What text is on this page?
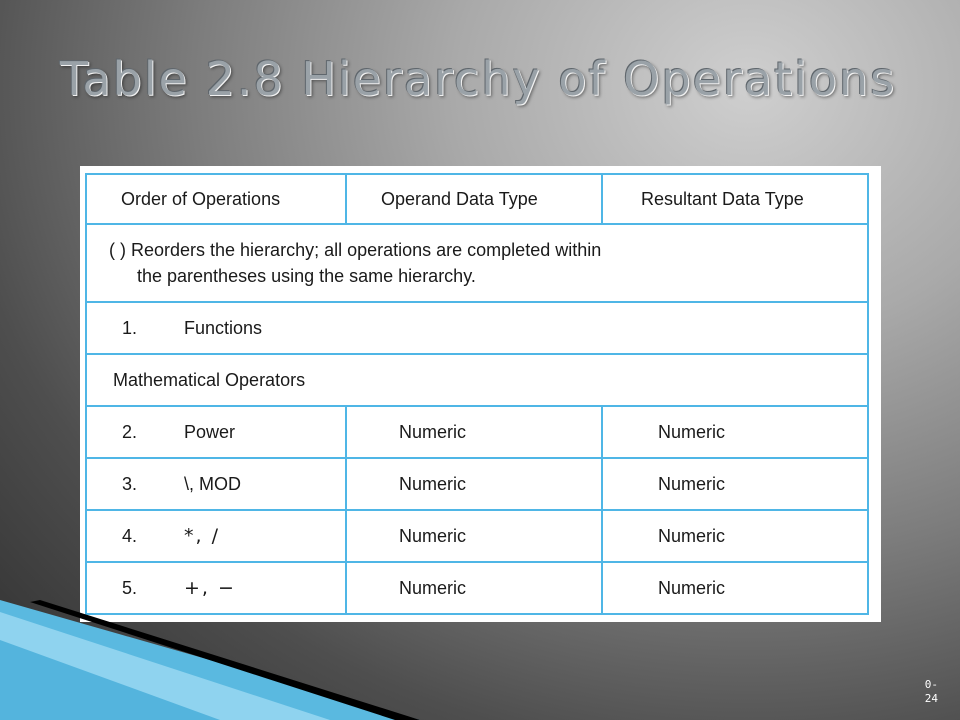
Table 2.8 Hierarchy of Operations
Order of Operations	Operand Data Type	Resultant Data Type
( ) Reorders the hierarchy; all operations are completed within
the parentheses using the same hierarchy.		

1. Functions		
Mathematical Operators		
2. Power	Numeric	Numeric
3. \, MOD	Numeric	Numeric
4. *, /	Numeric	Numeric
5. +, −	Numeric	Numeric
0-
24
